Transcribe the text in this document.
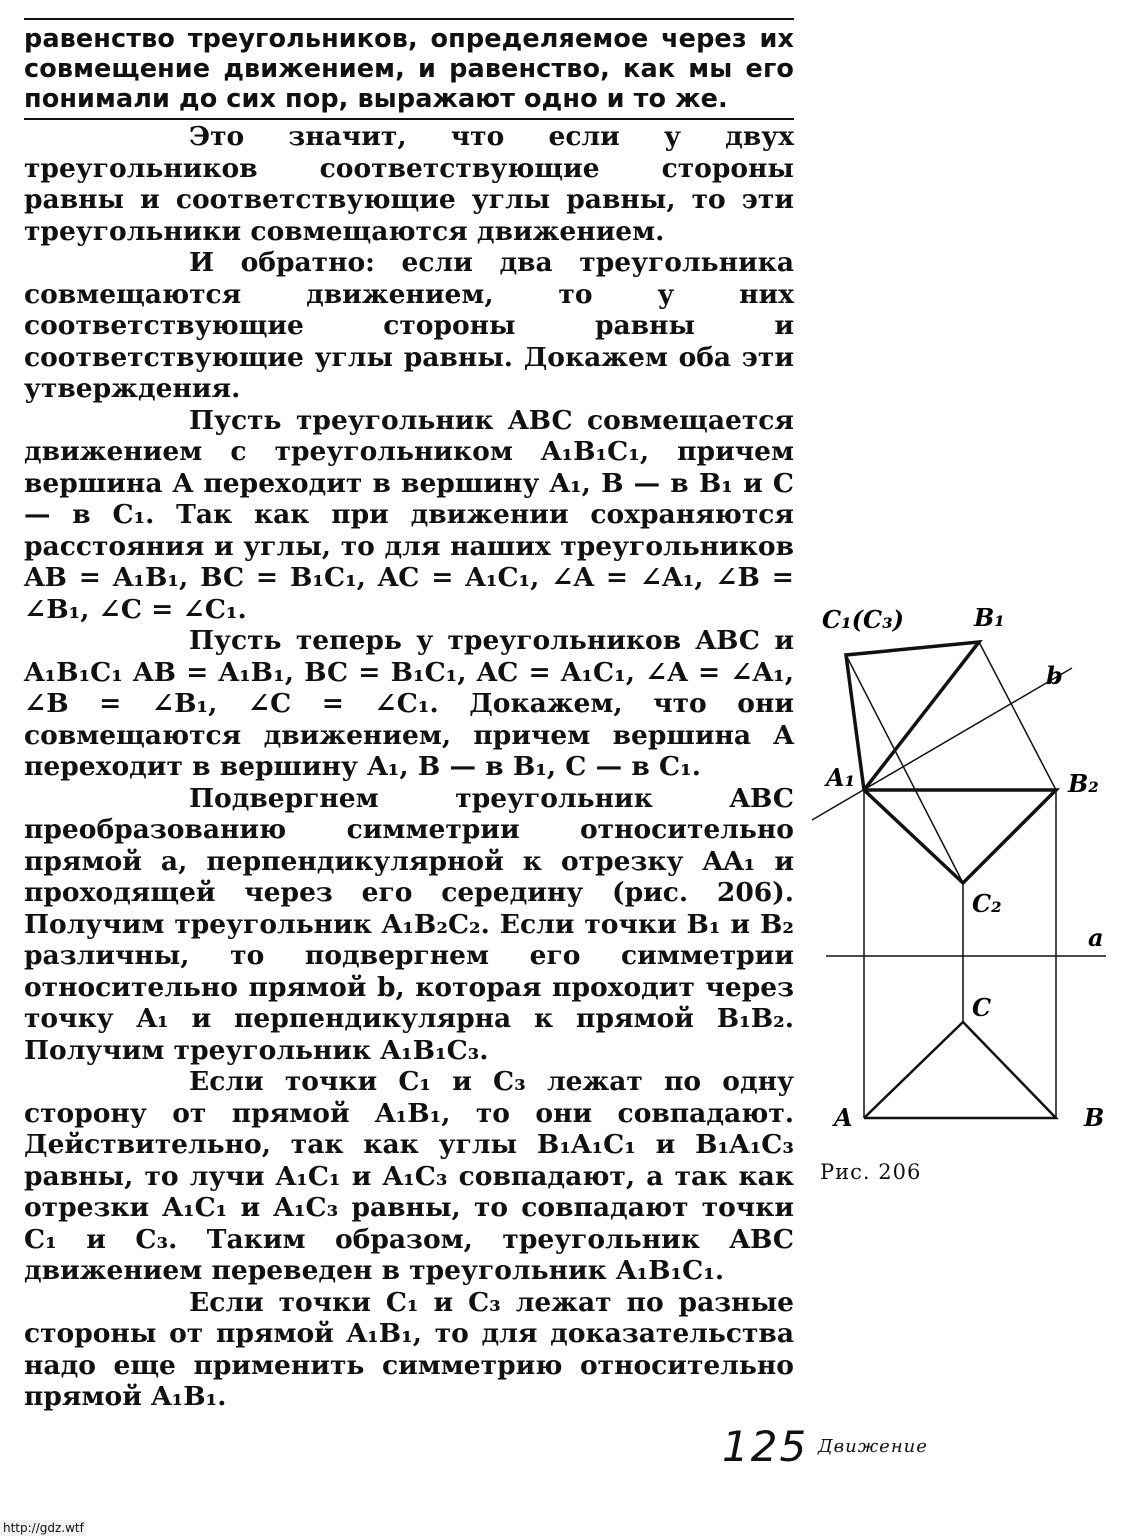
равенство треугольников, определяемое через их совмещение движением, и равенство, как мы его понимали до сих пор, выражают одно и то же.

Это значит, что если у двух треугольников соответствующие стороны равны и соответствующие углы равны, то эти треугольники совмещаются движением.

И обратно: если два треугольника совмещаются движением, то у них соответствующие стороны равны и соответствующие углы равны. Докажем оба эти утверждения.

Пусть треугольник ABC совмещается движением с треугольником A₁B₁C₁, причем вершина A переходит в вершину A₁, B — в B₁ и C — в C₁. Так как при движении сохраняются расстояния и углы, то для наших треугольников AB = A₁B₁, BC = B₁C₁, AC = A₁C₁, ∠A = ∠A₁, ∠B = ∠B₁, ∠C = ∠C₁.

Пусть теперь у треугольников ABC и A₁B₁C₁ AB = A₁B₁, BC = B₁C₁, AC = A₁C₁, ∠A = ∠A₁, ∠B = ∠B₁, ∠C = ∠C₁. Докажем, что они совмещаются движением, причем вершина A переходит в вершину A₁, B — в B₁, C — в C₁.

Подвергнем треугольник ABC преобразованию симметрии относительно прямой a, перпендикулярной к отрезку AA₁ и проходящей через его середину (рис. 206). Получим треугольник A₁B₂C₂. Если точки B₁ и B₂ различны, то подвергнем его симметрии относительно прямой b, которая проходит через точку A₁ и перпендикулярна к прямой B₁B₂. Получим треугольник A₁B₁C₃.

Если точки C₁ и C₃ лежат по одну сторону от прямой A₁B₁, то они совпадают. Действительно, так как углы B₁A₁C₁ и B₁A₁C₃ равны, то лучи A₁C₁ и A₁C₃ совпадают, а так как отрезки A₁C₁ и A₁C₃ равны, то совпадают точки C₁ и C₃. Таким образом, треугольник ABC движением переведен в треугольник A₁B₁C₁.

Если точки C₁ и C₃ лежат по разные стороны от прямой A₁B₁, то для доказательства надо еще применить симметрию относительно прямой A₁B₁.

C₁(C₃)	B₁
b
A₁	B₂
C₂
a
C
A	B
Рис. 206
125 Движение
http://gdz.wtf
